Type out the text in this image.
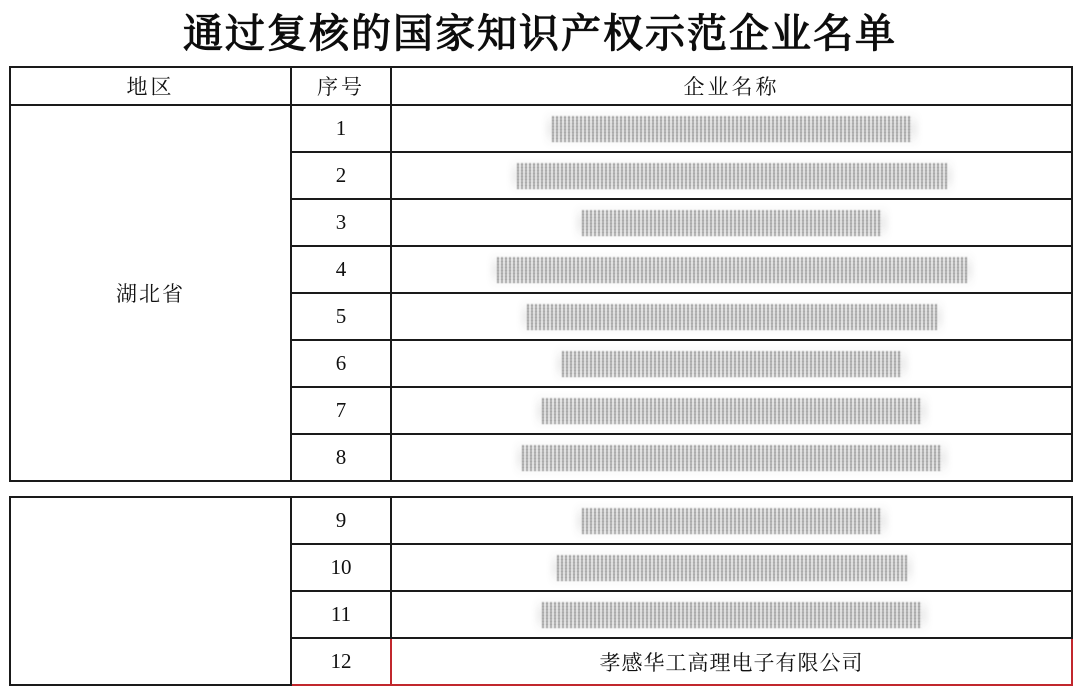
通过复核的国家知识产权示范企业名单
地区	序号	企业名称
湖北省	1	

	2	

	3	

	4	

	5	

	6	

	7	

	8	
	9	

	10	

	11	

	12	孝感华工高理电子有限公司
